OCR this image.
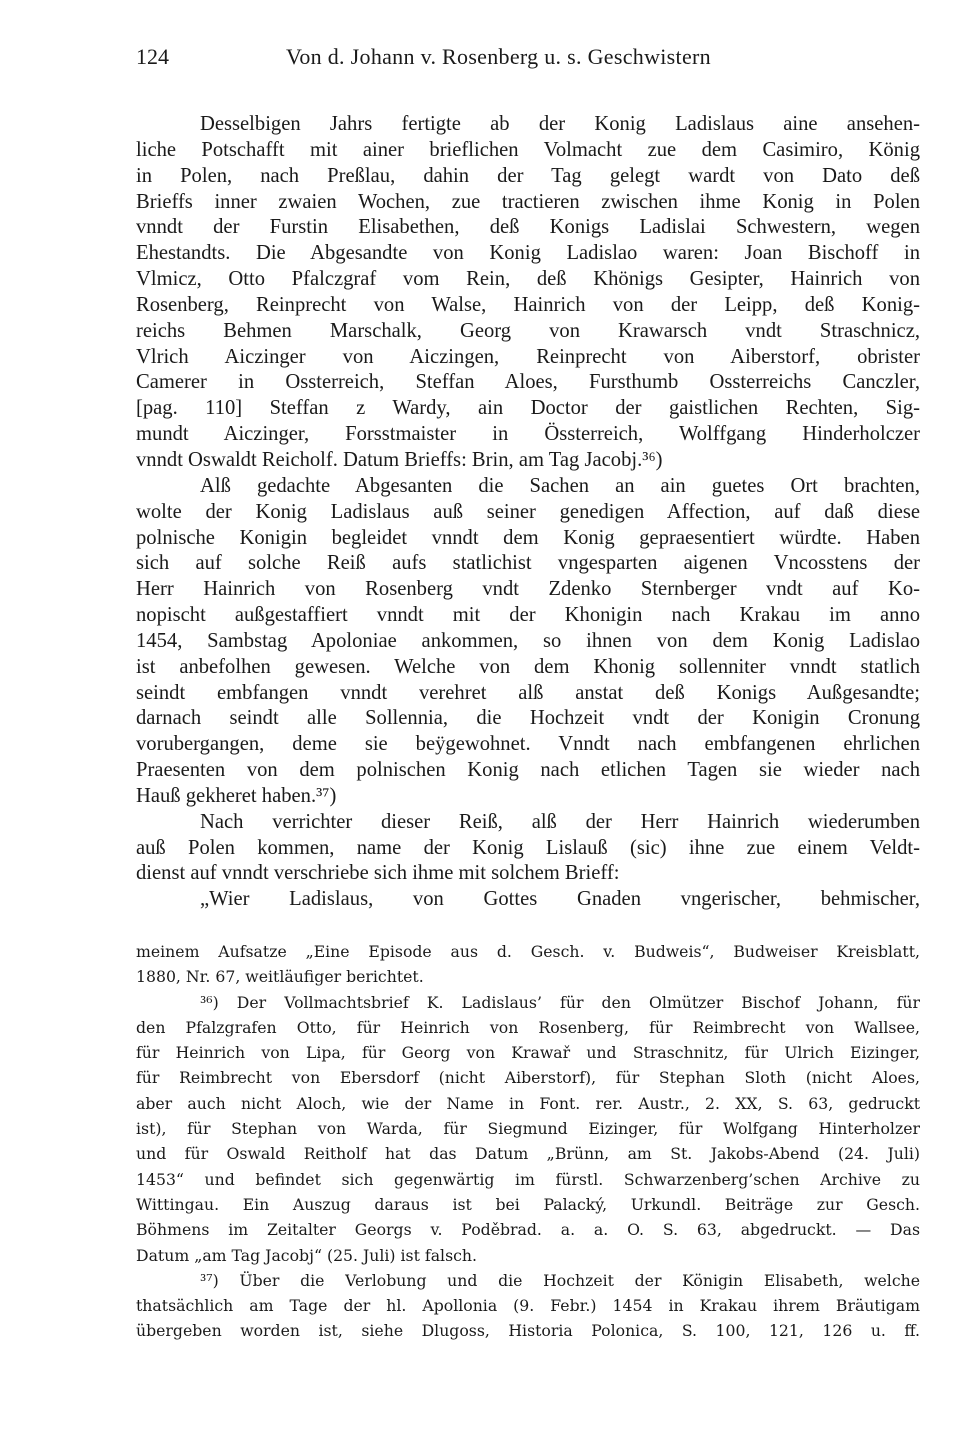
124	Von d. Johann v. Rosenberg u. s. Geschwistern
Desselbigen Jahrs fertigte ab der Konig Ladislaus aine ansehen-
liche Potschafft mit ainer brieflichen Volmacht zue dem Casimiro, König
in Polen, nach Preßlau, dahin der Tag gelegt wardt von Dato deß
Brieffs inner zwaien Wochen, zue tractieren zwischen ihme Konig in Polen
vnndt der Furstin Elisabethen, deß Konigs Ladislai Schwestern, wegen
Ehestandts. Die Abgesandte von Konig Ladislao waren: Joan Bischoff in
Vlmicz, Otto Pfalczgraf vom Rein, deß Khönigs Gesipter, Hainrich von
Rosenberg, Reinprecht von Walse, Hainrich von der Leipp, deß Konig-
reichs Behmen Marschalk, Georg von Krawarsch vndt Straschnicz,
Vlrich Aiczinger von Aiczingen, Reinprecht von Aiberstorf, obrister
Camerer in Ossterreich, Steffan Aloes, Fursthumb Ossterreichs Canczler,
[pag. 110] Steffan z Wardy, ain Doctor der gaistlichen Rechten, Sig-
mundt Aiczinger, Forsstmaister in Össterreich, Wolffgang Hinderholczer
vnndt Oswaldt Reicholf. Datum Brieffs: Brin, am Tag Jacobj.³⁶)
Alß gedachte Abgesanten die Sachen an ain guetes Ort brachten,
wolte der Konig Ladislaus auß seiner genedigen Affection, auf daß diese
polnische Konigin begleidet vnndt dem Konig gepraesentiert würdte. Haben
sich auf solche Reiß aufs statlichist vngesparten aigenen Vncosstens der
Herr Hainrich von Rosenberg vndt Zdenko Sternberger vndt auf Ko-
nopischt außgestaffiert vnndt mit der Khonigin nach Krakau im anno
1454, Sambstag Apoloniae ankommen, so ihnen von dem Konig Ladislao
ist anbefolhen gewesen. Welche von dem Khonig sollenniter vnndt statlich
seindt embfangen vnndt verehret alß anstat deß Konigs Außgesandte;
darnach seindt alle Sollennia, die Hochzeit vndt der Konigin Cronung
vorubergangen, deme sie beÿgewohnet. Vnndt nach embfangenen ehrlichen
Praesenten von dem polnischen Konig nach etlichen Tagen sie wieder nach
Hauß gekheret haben.³⁷)
Nach verrichter dieser Reiß, alß der Herr Hainrich wiederumben
auß Polen kommen, name der Konig Lislauß (sic) ihne zue einem Veldt-
dienst auf vnndt verschriebe sich ihme mit solchem Brieff:
„Wier Ladislaus, von Gottes Gnaden vngerischer, behmischer,
meinem Aufsatze „Eine Episode aus d. Gesch. v. Budweis“, Budweiser Kreisblatt,
1880, Nr. 67, weitläufiger berichtet.
³⁶) Der Vollmachtsbrief K. Ladislaus’ für den Olmützer Bischof Johann, für
den Pfalzgrafen Otto, für Heinrich von Rosenberg, für Reimbrecht von Wallsee,
für Heinrich von Lipa, für Georg von Krawař und Straschnitz, für Ulrich Eizinger,
für Reimbrecht von Ebersdorf (nicht Aiberstorf), für Stephan Sloth (nicht Aloes,
aber auch nicht Aloch, wie der Name in Font. rer. Austr., 2. XX, S. 63, gedruckt
ist), für Stephan von Warda, für Siegmund Eizinger, für Wolfgang Hinterholzer
und für Oswald Reitholf hat das Datum „Brünn, am St. Jakobs-Abend (24. Juli)
1453“ und befindet sich gegenwärtig im fürstl. Schwarzenberg’schen Archive zu
Wittingau. Ein Auszug daraus ist bei Palacký, Urkundl. Beiträge zur Gesch.
Böhmens im Zeitalter Georgs v. Poděbrad. a. a. O. S. 63, abgedruckt. — Das
Datum „am Tag Jacobj“ (25. Juli) ist falsch.
³⁷) Über die Verlobung und die Hochzeit der Königin Elisabeth, welche
thatsächlich am Tage der hl. Apollonia (9. Febr.) 1454 in Krakau ihrem Bräutigam
übergeben worden ist, siehe Dlugoss, Historia Polonica, S. 100, 121, 126 u. ff.
